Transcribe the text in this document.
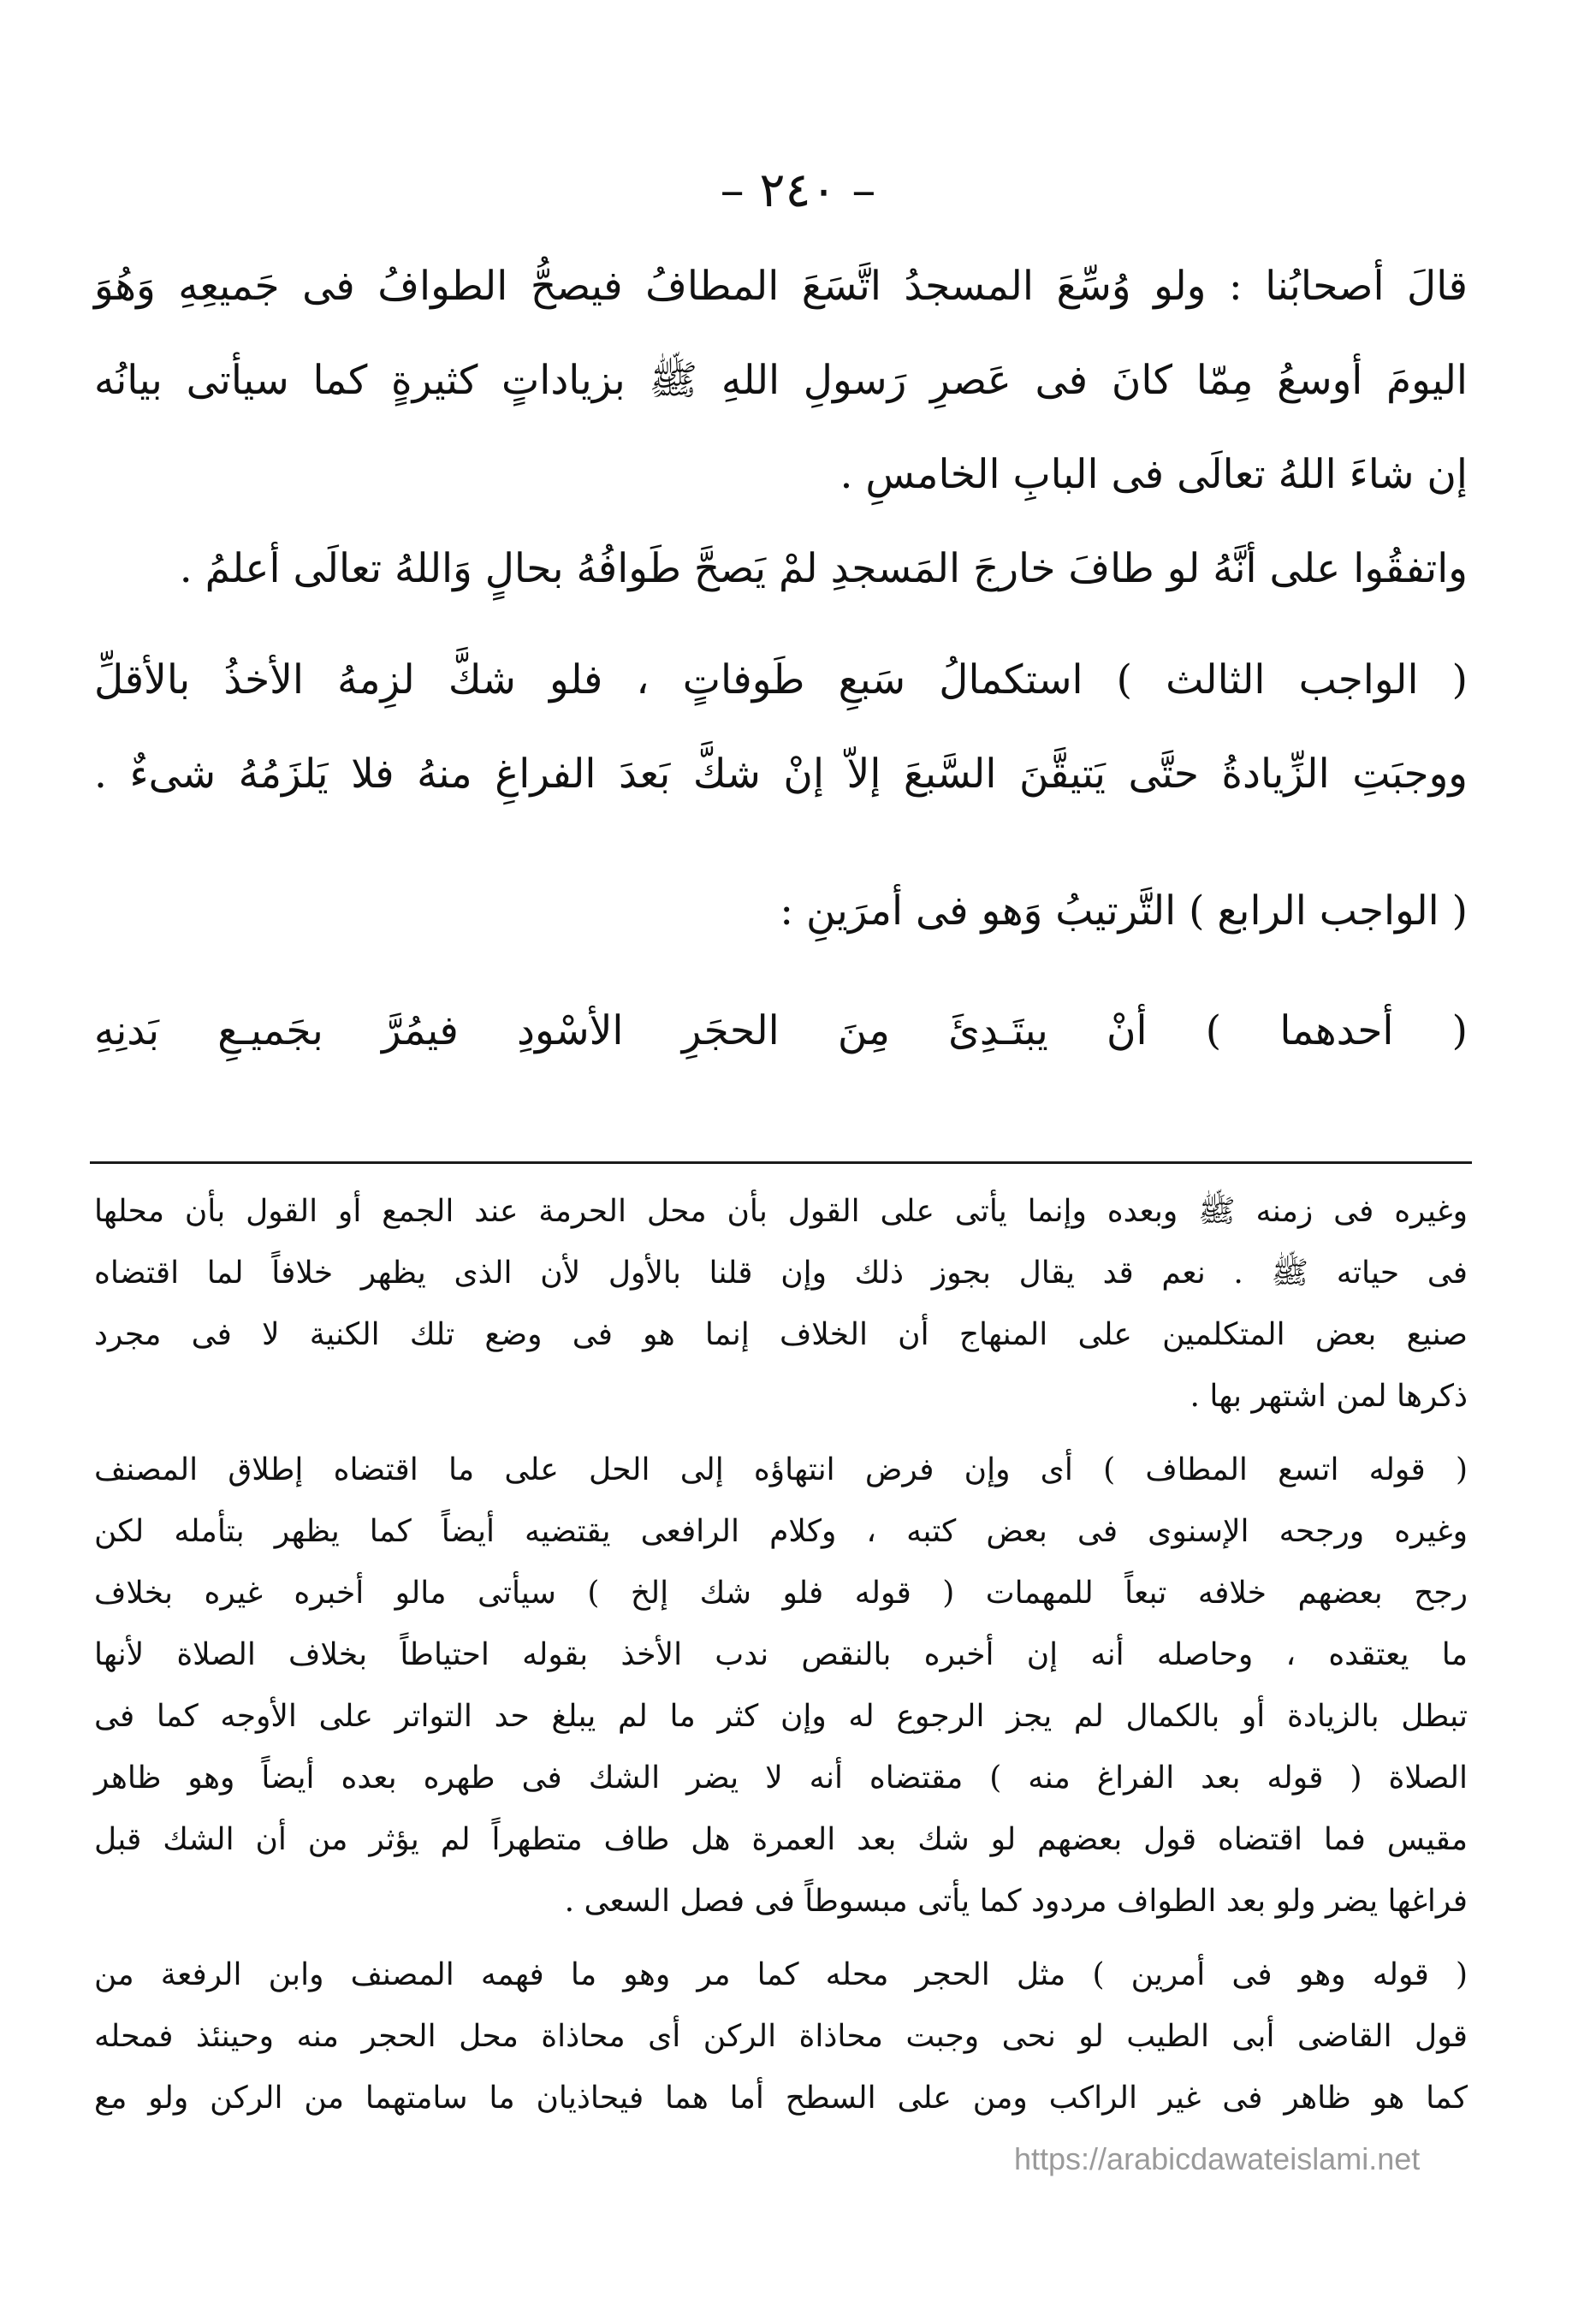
– ٢٤٠ –
قالَ أصحابُنا : ولو وُسِّعَ المسجدُ اتَّسَعَ المطافُ فيصحُّ الطوافُ فى جَميعِهِ وَهُوَ
اليومَ أوسعُ مِمّا كانَ فى عَصرِ رَسولِ اللهِ ﷺ بزياداتٍ كثيرةٍ كما سيأتى بيانُه
إن شاءَ اللهُ تعالَى فى البابِ الخامسِ .
واتفقُوا على أنَّهُ لو طافَ خارجَ المَسجدِ لمْ يَصحَّ طَوافُهُ بحالٍ وَاللهُ تعالَى أعلمُ .
( الواجب الثالث ) استكمالُ سَبعِ طَوفاتٍ ، فلو شكَّ لزِمهُ الأخذُ بالأقلِّ
ووجبَتِ الزِّيادةُ حتَّى يَتيقَّنَ السَّبعَ إلاّ إنْ شكَّ بَعدَ الفراغِ منهُ فلا يَلزَمُهُ شىءٌ .
( الواجب الرابع ) التَّرتيبُ وَهو فى أمرَينِ :
( أحدهما ) أنْ يبتَـدِئَ مِنَ الحجَرِ الأسْودِ فيمُرَّ بجَميـعِ بَدنِهِ
وغيره فى زمنه ﷺ وبعده وإنما يأتى على القول بأن محل الحرمة عند الجمع أو القول بأن محلها
فى حياته ﷺ . نعم قد يقال بجوز ذلك وإن قلنا بالأول لأن الذى يظهر خلافاً لما اقتضاه
صنيع بعض المتكلمين على المنهاج أن الخلاف إنما هو فى وضع تلك الكنية لا فى مجرد
ذكرها لمن اشتهر بها .
( قوله اتسع المطاف ) أى وإن فرض انتهاؤه إلى الحل على ما اقتضاه إطلاق المصنف
وغيره ورجحه الإسنوى فى بعض كتبه ، وكلام الرافعى يقتضيه أيضاً كما يظهر بتأمله لكن
رجح بعضهم خلافه تبعاً للمهمات ( قوله فلو شك إلخ ) سيأتى مالو أخبره غيره بخلاف
ما يعتقده ، وحاصله أنه إن أخبره بالنقص ندب الأخذ بقوله احتياطاً بخلاف الصلاة لأنها
تبطل بالزيادة أو بالكمال لم يجز الرجوع له وإن كثر ما لم يبلغ حد التواتر على الأوجه كما فى
الصلاة ( قوله بعد الفراغ منه ) مقتضاه أنه لا يضر الشك فى طهره بعده أيضاً وهو ظاهر
مقيس فما اقتضاه قول بعضهم لو شك بعد العمرة هل طاف متطهراً لم يؤثر من أن الشك قبل
فراغها يضر ولو بعد الطواف مردود كما يأتى مبسوطاً فى فصل السعى .
( قوله وهو فى أمرين ) مثل الحجر محله كما مر وهو ما فهمه المصنف وابن الرفعة من
قول القاضى أبى الطيب لو نحى وجبت محاذاة الركن أى محاذاة محل الحجر منه وحينئذ فمحله
كما هو ظاهر فى غير الراكب ومن على السطح أما هما فيحاذيان ما سامتهما من الركن ولو مع
https://arabicdawateislami.net
